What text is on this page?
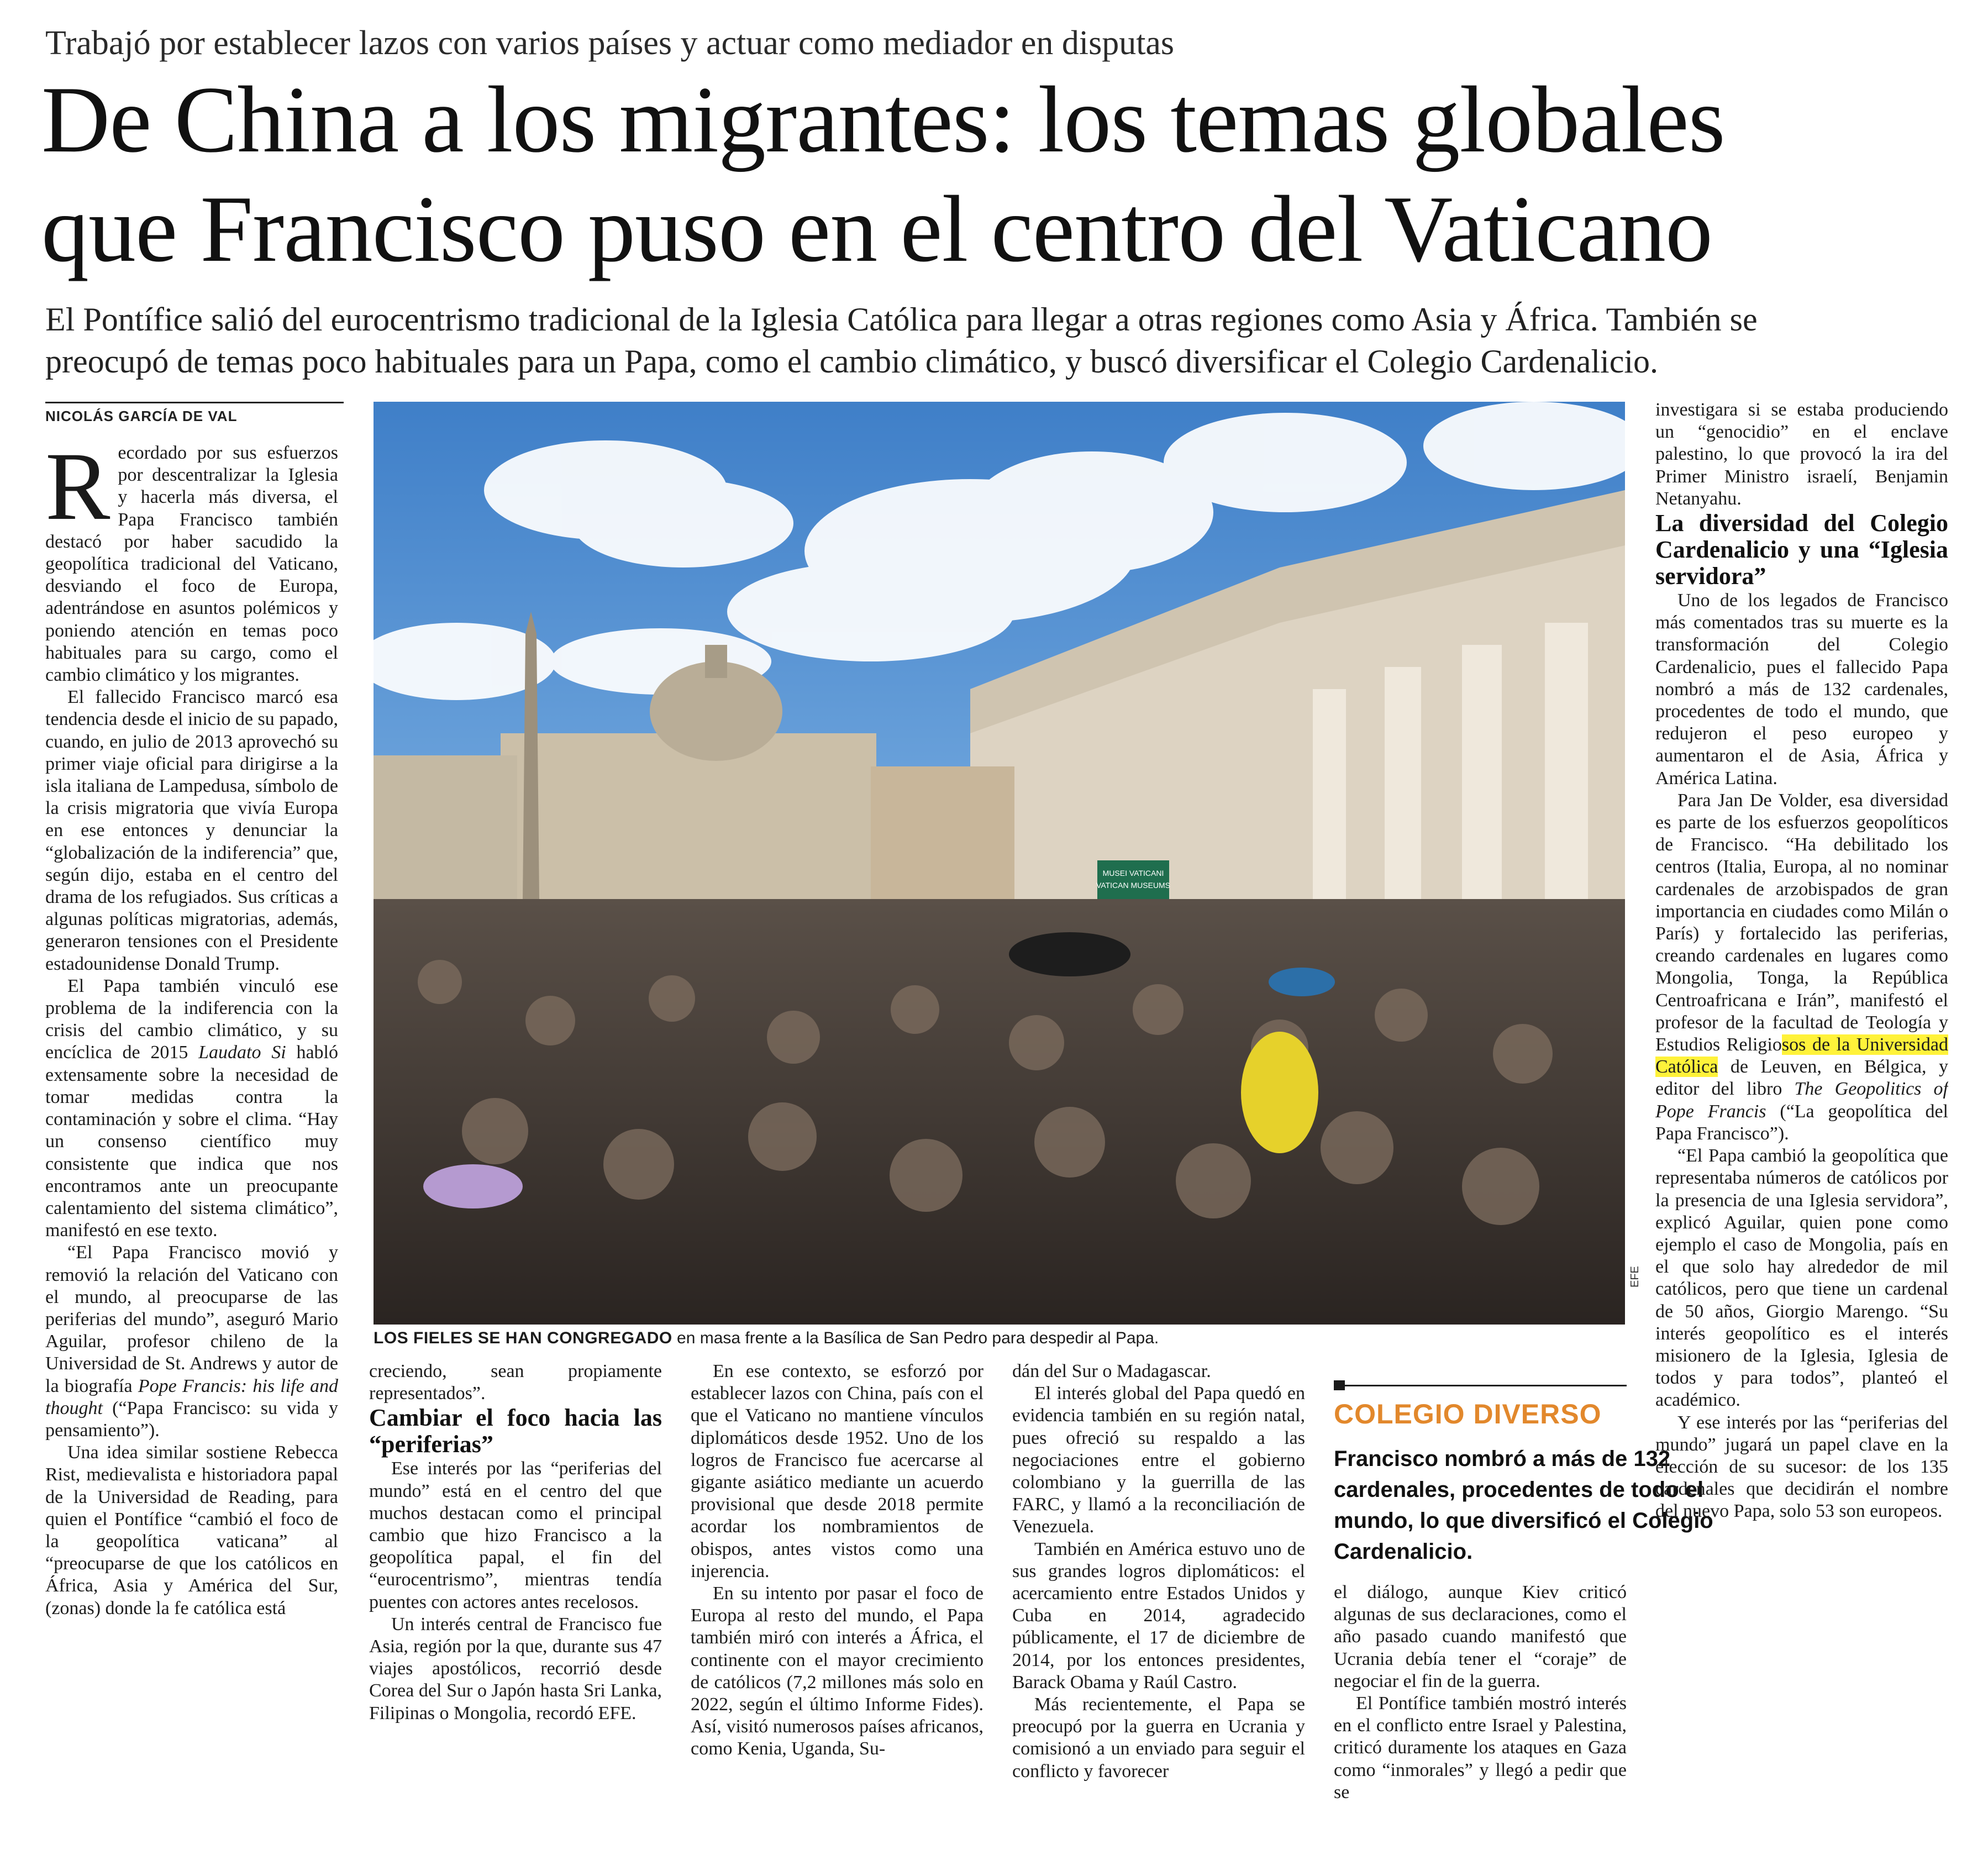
Trabajó por establecer lazos con varios países y actuar como mediador en disputas
De China a los migrantes: los temas globales
que Francisco puso en el centro del Vaticano
El Pontífice salió del eurocentrismo tradicional de la Iglesia Católica para llegar a otras regiones como Asia y África. También se
preocupó de temas poco habituales para un Papa, como el cambio climático, y buscó diversificar el Colegio Cardenalicio.
NICOLÁS GARCÍA DE VAL

Recordado por sus esfuerzos por descentralizar la Iglesia y hacerla más diversa, el Papa Francisco también destacó por haber sacudido la geopolítica tradicional del Vaticano, desviando el foco de Europa, adentrándose en asuntos polémicos y poniendo atención en temas poco habituales para su cargo, como el cambio climático y los migrantes.

El fallecido Francisco marcó esa tendencia desde el inicio de su papado, cuando, en julio de 2013 aprovechó su primer viaje oficial para dirigirse a la isla italiana de Lampedusa, símbolo de la crisis migratoria que vivía Europa en ese entonces y denunciar la “globalización de la indiferencia” que, según dijo, estaba en el centro del drama de los refugiados. Sus críticas a algunas políticas migratorias, además, generaron tensiones con el Presidente estadounidense Donald Trump.

El Papa también vinculó ese problema de la indiferencia con la crisis del cambio climático, y su encíclica de 2015 Laudato Si habló extensamente sobre la necesidad de tomar medidas contra la contaminación y sobre el clima. “Hay un consenso científico muy consistente que indica que nos encontramos ante un preocupante calentamiento del sistema climático”, manifestó en ese texto.

“El Papa Francisco movió y removió la relación del Vaticano con el mundo, al preocuparse de las periferias del mundo”, aseguró Mario Aguilar, profesor chileno de la Universidad de St. Andrews y autor de la biografía Pope Francis: his life and thought (“Papa Francisco: su vida y pensamiento”).

Una idea similar sostiene Rebecca Rist, medievalista e historiadora papal de la Universidad de Reading, para quien el Pontífice “cambió el foco de la geopolítica vaticana” al “preocuparse de que los católicos en África, Asia y América del Sur, (zonas) donde la fe católica está

MUSEI VATICANI
VATICAN MUSEUMS
EFE
LOS FIELES SE HAN CONGREGADO en masa frente a la Basílica de San Pedro para despedir al Papa.

creciendo, sean propiamente representados”.

Cambiar el foco hacia las “periferias”

Ese interés por las “periferias del mundo” está en el centro del que muchos destacan como el principal cambio que hizo Francisco a la geopolítica papal, el fin del “eurocentrismo”, mientras tendía puentes con actores antes recelosos.

Un interés central de Francisco fue Asia, región por la que, durante sus 47 viajes apostólicos, recorrió desde Corea del Sur o Japón hasta Sri Lanka, Filipinas o Mongolia, recordó EFE.

En ese contexto, se esforzó por establecer lazos con China, país con el que el Vaticano no mantiene vínculos diplomáticos desde 1952. Uno de los logros de Francisco fue acercarse al gigante asiático mediante un acuerdo provisional que desde 2018 permite acordar los nombramientos de obispos, antes vistos como una injerencia.

En su intento por pasar el foco de Europa al resto del mundo, el Papa también miró con interés a África, el continente con el mayor crecimiento de católicos (7,2 millones más solo en 2022, según el último Informe Fides). Así, visitó numerosos países africanos, como Kenia, Uganda, Su-

dán del Sur o Madagascar.

El interés global del Papa quedó en evidencia también en su región natal, pues ofreció su respaldo a las negociaciones entre el gobierno colombiano y la guerrilla de las FARC, y llamó a la reconciliación de Venezuela.

También en América estuvo uno de sus grandes logros diplomáticos: el acercamiento entre Estados Unidos y Cuba en 2014, agradecido públicamente, el 17 de diciembre de 2014, por los entonces presidentes, Barack Obama y Raúl Castro.

Más recientemente, el Papa se preocupó por la guerra en Ucrania y comisionó a un enviado para seguir el conflicto y favorecer

COLEGIO DIVERSO
Francisco nombró a más de 132
cardenales, procedentes de todo el
mundo, lo que diversificó el Colegio
Cardenalicio.

el diálogo, aunque Kiev criticó algunas de sus declaraciones, como el año pasado cuando manifestó que Ucrania debía tener el “coraje” de negociar el fin de la guerra.

El Pontífice también mostró interés en el conflicto entre Israel y Palestina, criticó duramente los ataques en Gaza como “inmorales” y llegó a pedir que se

investigara si se estaba produciendo un “genocidio” en el enclave palestino, lo que provocó la ira del Primer Ministro israelí, Benjamin Netanyahu.

La diversidad del Colegio Cardenalicio y una “Iglesia servidora”

Uno de los legados de Francisco más comentados tras su muerte es la transformación del Colegio Cardenalicio, pues el fallecido Papa nombró a más de 132 cardenales, procedentes de todo el mundo, que redujeron el peso europeo y aumentaron el de Asia, África y América Latina.

Para Jan De Volder, esa diversidad es parte de los esfuerzos geopolíticos de Francisco. “Ha debilitado los centros (Italia, Europa, al no nominar cardenales de arzobispados de gran importancia en ciudades como Milán o París) y fortalecido las periferias, creando cardenales en lugares como Mongolia, Tonga, la República Centroafricana e Irán”, manifestó el profesor de la facultad de Teología y Estudios Religiosos de la Universidad Católica de Leuven, en Bélgica, y editor del libro The Geopolitics of Pope Francis (“La geopolítica del Papa Francisco”).

“El Papa cambió la geopolítica que representaba números de católicos por la presencia de una Iglesia servidora”, explicó Aguilar, quien pone como ejemplo el caso de Mongolia, país en el que solo hay alrededor de mil católicos, pero que tiene un cardenal de 50 años, Giorgio Marengo. “Su interés geopolítico es el interés misionero de la Iglesia, Iglesia de todos y para todos”, planteó el académico.

Y ese interés por las “periferias del mundo” jugará un papel clave en la elección de su sucesor: de los 135 cardenales que decidirán el nombre del nuevo Papa, solo 53 son europeos.
